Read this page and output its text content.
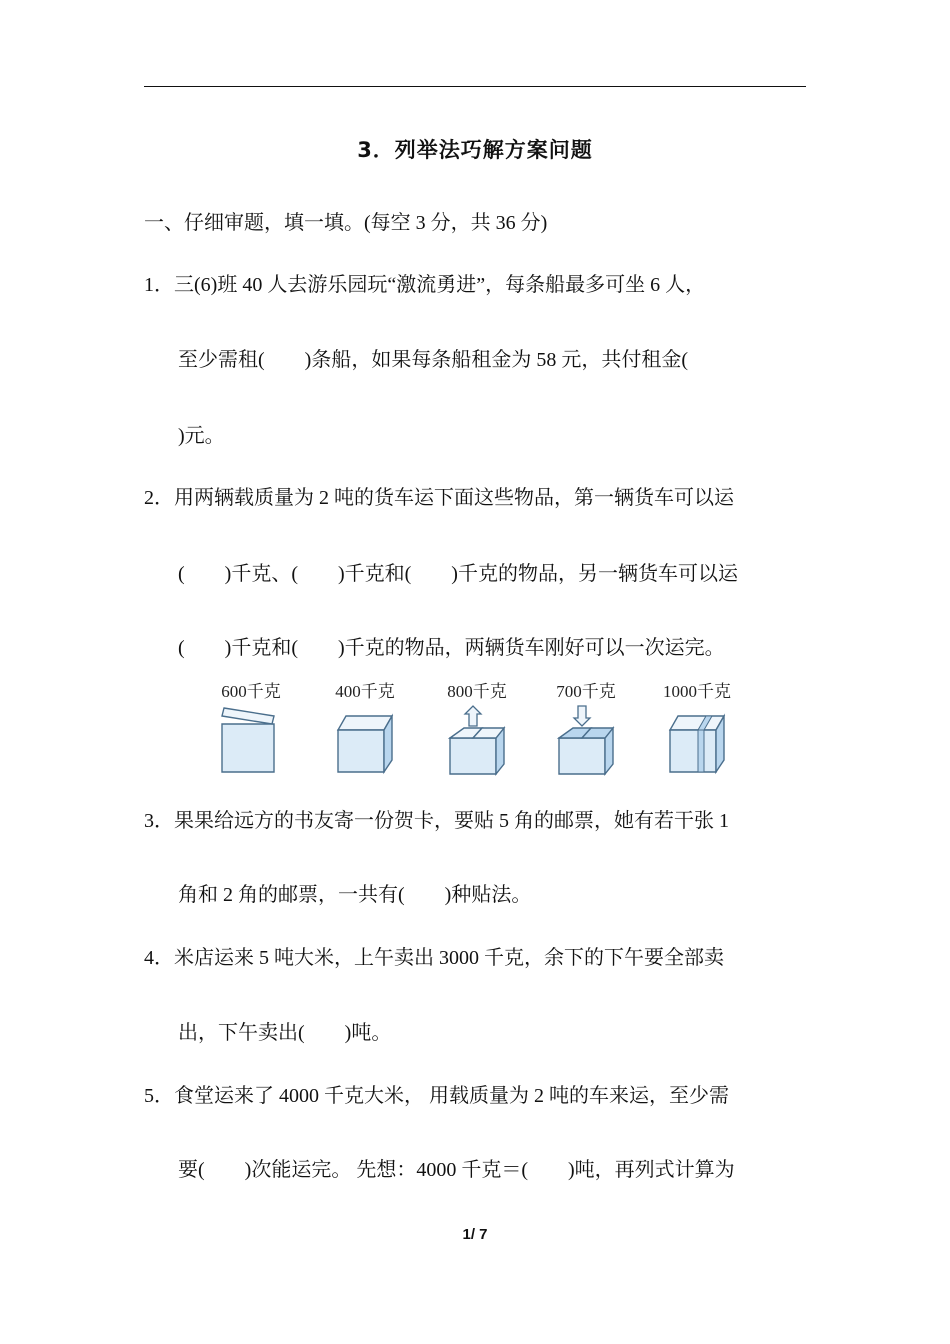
3．列举法巧解方案问题
一、仔细审题，填一填。(每空 3 分，共 36 分)
1．三(6)班 40 人去游乐园玩“激流勇进”，每条船最多可坐 6 人，
至少需租(　　)条船，如果每条船租金为 58 元，共付租金(
)元。
2．用两辆载质量为 2 吨的货车运下面这些物品，第一辆货车可以运
(　　)千克、(　　)千克和(　　)千克的物品，另一辆货车可以运
(　　)千克和(　　)千克的物品，两辆货车刚好可以一次运完。
600千克	400千克	800千克	700千克	1000千克
3．果果给远方的书友寄一份贺卡，要贴 5 角的邮票，她有若干张 1
角和 2 角的邮票，一共有(　　)种贴法。
4．米店运来 5 吨大米，上午卖出 3000 千克，余下的下午要全部卖
出，下午卖出(　　)吨。
5．食堂运来了 4000 千克大米， 用载质量为 2 吨的车来运，至少需
要(　　)次能运完。 先想：4000 千克＝(　　)吨，再列式计算为
1/ 7
